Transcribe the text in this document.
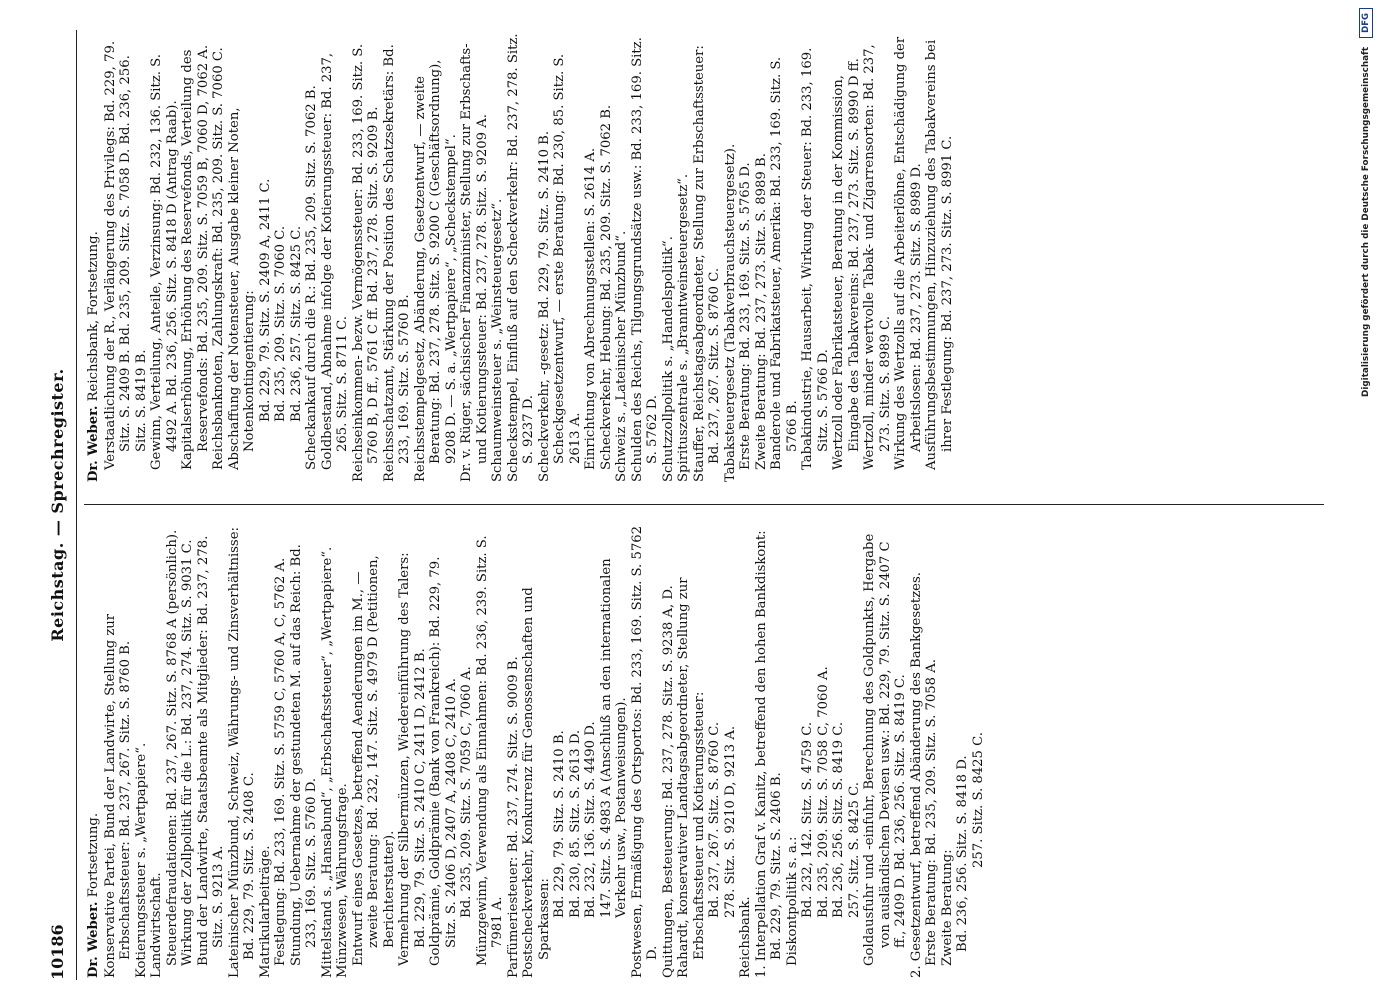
10186
Reichstag. — Sprechregister.
Dr. Weber. Fortsetzung. Konservative Partei, Bund der Landwirte, Stellung zur Erbschaftssteuer: Bd. 237, 267. Sitz. S. 8760 B. Kotierungssteuer s. „Wertpapiere“. Landwirtschaft. Steuerdefraudationen: Bd. 237, 267. Sitz. S. 8768 A (persönlich). Wirkung der Zollpolitik für die L.: Bd. 237, 274. Sitz. S. 9031 C. Bund der Landwirte, Staatsbeamte als Mitglieder: Bd. 237, 278. Sitz. S. 9213 A. Lateinischer Münzbund, Schweiz, Währungs- und Zinsverhältnisse: Bd. 229, 79. Sitz. S. 2408 C. Matrikularbeiträge. Festlegung: Bd. 233, 169. Sitz. S. 5759 C, 5760 A, C, 5762 A. Stundung, Uebernahme der gestundeten M. auf das Reich: Bd. 233, 169. Sitz. S. 5760 D. Mittelstand s. „Hansabund“, „Erbschaftssteuer“, „Wertpapiere“. Münzwesen, Währungsfrage. Entwurf eines Gesetzes, betreffend Aenderungen im M., — zweite Beratung: Bd. 232, 147. Sitz. S. 4979 D (Petitionen, Berichterstatter). Vermehrung der Silbermünzen, Wiedereinführung des Talers: Bd. 229, 79. Sitz. S. 2410 C, 2411 D, 2412 B. Goldprämie, Goldprämie (Bank von Frankreich): Bd. 229, 79. Sitz. S. 2406 D, 2407 A, 2408 C, 2410 A. Bd. 235, 209. Sitz. S. 7059 C, 7060 A. Münzgewinn, Verwendung als Einnahmen: Bd. 236, 239. Sitz. S. 7981 A. Parfümeriesteuer: Bd. 237, 274. Sitz. S. 9009 B. Postscheckverkehr, Konkurrenz für Genossenschaften und Sparkassen:

Bd. 229, 79. Sitz. S. 2410 B. Bd. 230, 85. Sitz. S. 2613 D. Bd. 232, 136. Sitz. S. 4490 D. 147. Sitz. S. 4983 A (Anschluß an den internationalen Verkehr usw., Postanweisungen). Postwesen, Ermäßigung des Ortsportos: Bd. 233, 169. Sitz. S. 5762 D. Quittungen, Besteuerung: Bd. 237, 278. Sitz. S. 9238 A, D. Rahardt, konservativer Landtagsabgeordneter, Stellung zur Erbschaftssteuer und Kotierungssteuer: Bd. 237, 267. Sitz. S. 8760 C. 278. Sitz. S. 9210 D, 9213 A.

Reichsbank. 1. Interpellation Graf v. Kanitz, betreffend den hohen Bankdiskont: Bd. 229, 79. Sitz. S. 2406 B. Diskontpolitik s. a.: Bd. 232, 142. Sitz. S. 4759 C. Bd. 235, 209. Sitz. S. 7058 C, 7060 A. Bd. 236, 256. Sitz. S. 8419 C. 257. Sitz. S. 8425 C. Goldausfuhr und -einfuhr, Berechnung des Goldpunkts, Hergabe von ausländischen Devisen usw.: Bd. 229, 79. Sitz. S. 2407 C ff., 2409 D. Bd. 236, 256. Sitz. S. 8419 C. 2. Gesetzentwurf, betreffend Abänderung des Bankgesetzes. Erste Beratung: Bd. 235, 209. Sitz. S. 7058 A. Zweite Beratung: Bd. 236, 256. Sitz. S. 8418 D. 257. Sitz. S. 8425 C.

Dr. Weber. Reichsbank, Fortsetzung. Verstaatlichung der R., Verlängerung des Privilegs: Bd. 229, 79. Sitz. S. 2409 B. Bd. 235, 209. Sitz. S. 7058 D. Bd. 236, 256. Sitz. S. 8419 B. Gewinn, Verteilung, Anteile, Verzinsung: Bd. 232, 136. Sitz. S. 4492 A. Bd. 236, 256. Sitz. S. 8418 D (Antrag Raab). Kapitalserhöhung, Erhöhung des Reservefonds, Verteilung des Reservefonds: Bd. 235, 209. Sitz. S. 7059 B, 7060 D, 7062 A. Reichsbanknoten, Zahlungskraft: Bd. 235, 209. Sitz. S. 7060 C. Abschaffung der Notensteuer, Ausgabe kleiner Noten, Notenkontingentierung: Bd. 229, 79. Sitz. S. 2409 A, 2411 C. Bd. 235, 209. Sitz. S. 7060 C. Bd. 236, 257. Sitz. S. 8425 C. Scheckankauf durch die R.: Bd. 235, 209. Sitz. S. 7062 B. Goldbestand, Abnahme infolge der Kotierungssteuer: Bd. 237, 265. Sitz. S. 8711 C. Reichseinkommen- bezw. Vermögenssteuer: Bd. 233, 169. Sitz. S. 5760 B, D ff., 5761 C ff. Bd. 237, 278. Sitz. S. 9209 B. Reichsschatzamt, Stärkung der Position des Schatzsekretärs: Bd. 233, 169. Sitz. S. 5760 B. Reichsstempelgesetz, Abänderung, Gesetzentwurf, — zweite Beratung: Bd. 237, 278. Sitz. S. 9200 C (Geschäftsordnung), 9208 D. — S. a. „Wertpapiere“, „Scheckstempel“. Dr. v. Rüger, sächsischer Finanzminister, Stellung zur Erbschafts- und Kotierungssteuer: Bd. 237, 278. Sitz. S. 9209 A. Schaumweinsteuer s. „Weinsteuergesetz“. Scheckstempel, Einfluß auf den Scheckverkehr: Bd. 237, 278. Sitz. S. 9237 D. Scheckverkehr, -gesetz: Bd. 229, 79. Sitz. S. 2410 B. Scheckgesetzentwurf, — erste Beratung: Bd. 230, 85. Sitz. S. 2613 A. Einrichtung von Abrechnungsstellen: S. 2614 A. Scheckverkehr, Hebung: Bd. 235, 209. Sitz. S. 7062 B. Schweiz s. „Lateinischer Münzbund“. Schulden des Reichs, Tilgungsgrundsätze usw.: Bd. 233, 169. Sitz. S. 5762 D. Schutzzollpolitik s. „Handelspolitik“. Spirituszentrale s. „Branntweinsteuergesetz“. Stauffer, Reichstagsabgeordneter, Stellung zur Erbschaftssteuer: Bd. 237, 267. Sitz. S. 8760 C. Tabaksteuergesetz (Tabakverbrauchsteuergesetz). Erste Beratung: Bd. 233, 169. Sitz. S. 5765 D. Zweite Beratung: Bd. 237, 273. Sitz. S. 8989 B. Banderole und Fabrikatsteuer, Amerika: Bd. 233, 169. Sitz. S. 5766 B. Tabakindustrie, Hausarbeit, Wirkung der Steuer: Bd. 233, 169. Sitz. S. 5766 D. Wertzoll oder Fabrikatsteuer, Beratung in der Kommission, Eingabe des Tabakvereins: Bd. 237, 273. Sitz. S. 8990 D ff. Wertzoll, minder wertvolle Tabak- und Zigarrensorten: Bd. 237, 273. Sitz. S. 8989 C. Wirkung des Wertzolls auf die Arbeiterlöhne, Entschädigung der Arbeitslosen: Bd. 237, 273. Sitz. S. 8989 D. Ausführungsbestimmungen, Hinzuziehung des Tabakvereins bei ihrer Festlegung: Bd. 237, 273. Sitz. S. 8991 C.	Digitalisierung gefördert durch die Deutsche Forschungsgemeinschaft DFG
